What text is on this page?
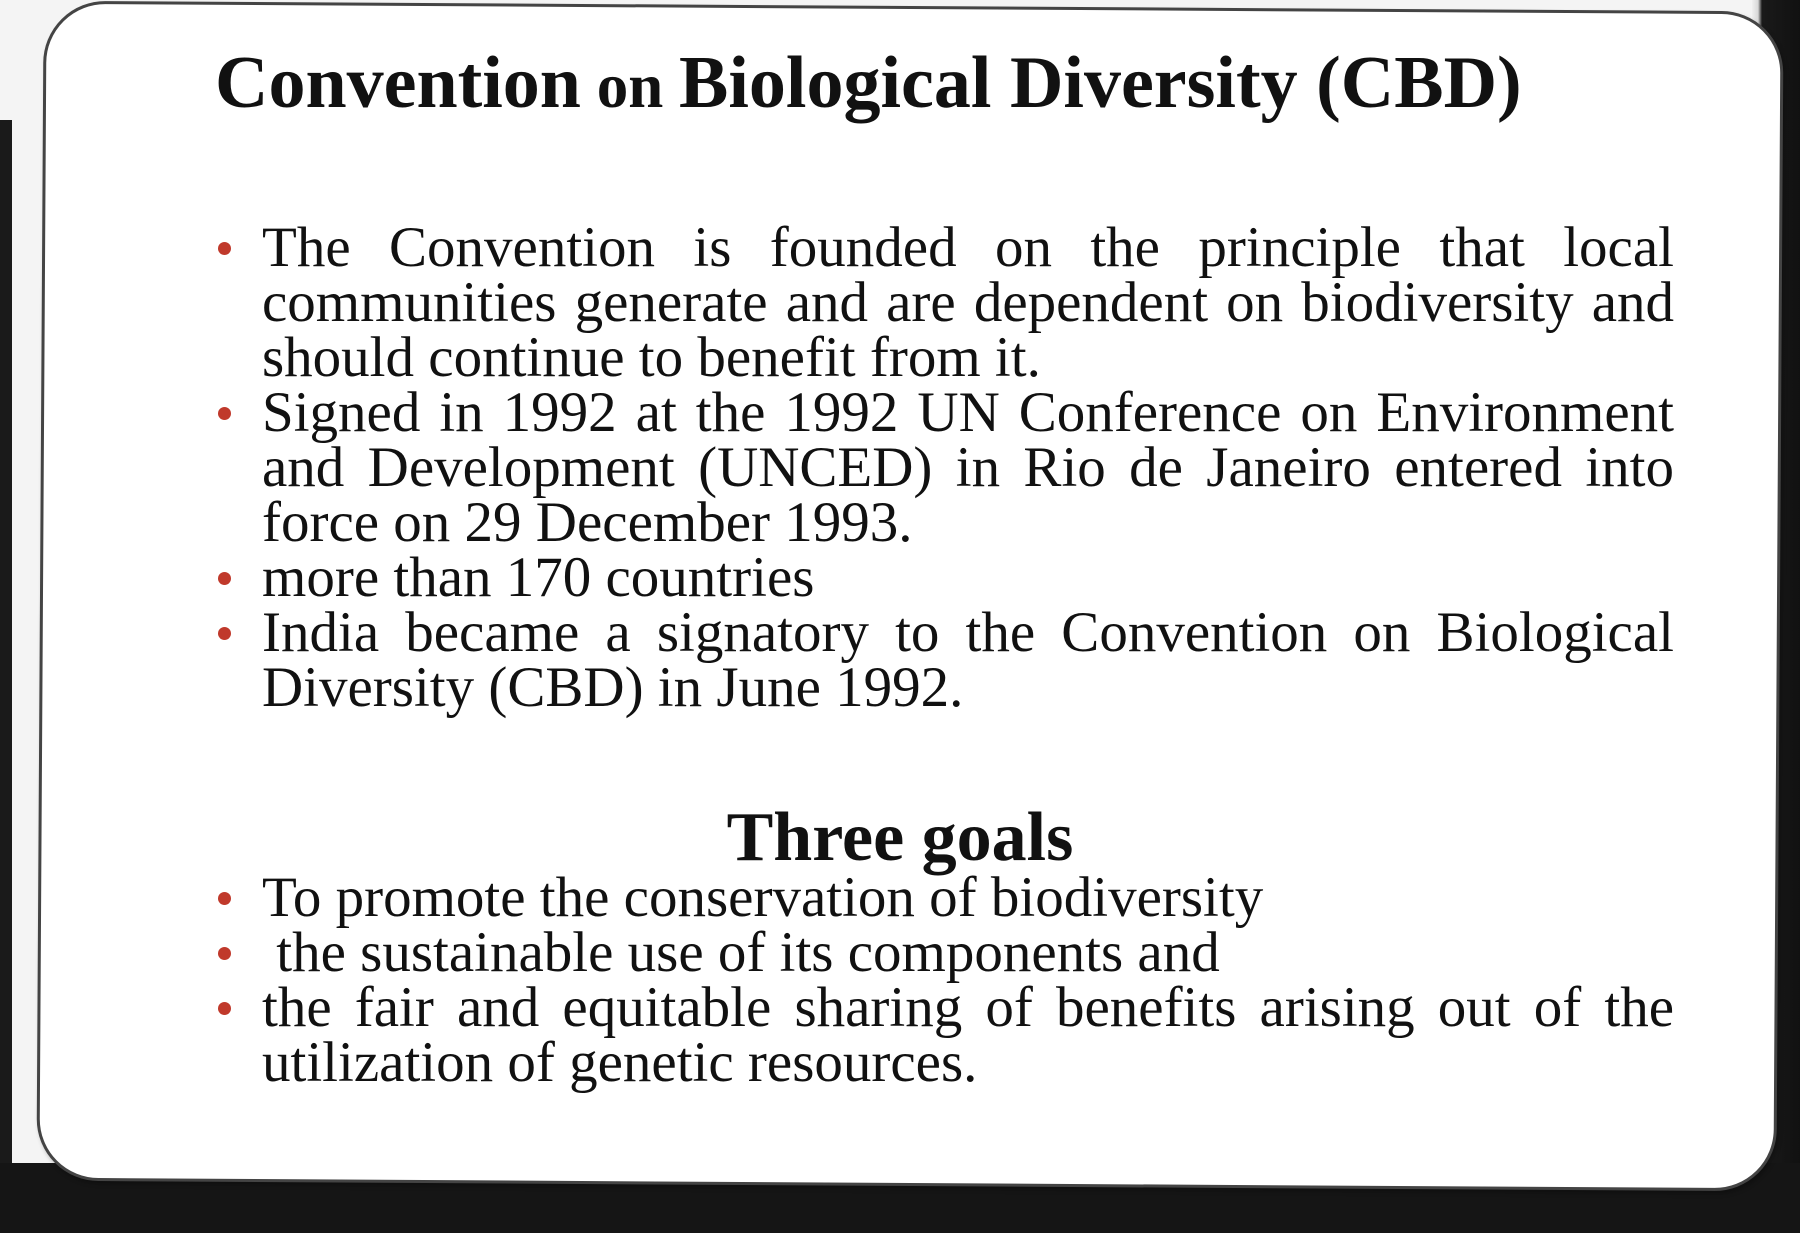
Convention on Biological Diversity (CBD)
The Convention is founded on the principle that local communities generate and are dependent on biodiversity and should continue to benefit from it.
Signed in 1992 at the 1992 UN Conference on Environment and Development (UNCED) in Rio de Janeiro entered into force on 29 December 1993.
more than 170 countries
India became a signatory to the Convention on Biological Diversity (CBD) in June 1992.
Three goals
To promote the conservation of biodiversity
the sustainable use of its components and
the fair and equitable sharing of benefits arising out of the utilization of genetic resources.
